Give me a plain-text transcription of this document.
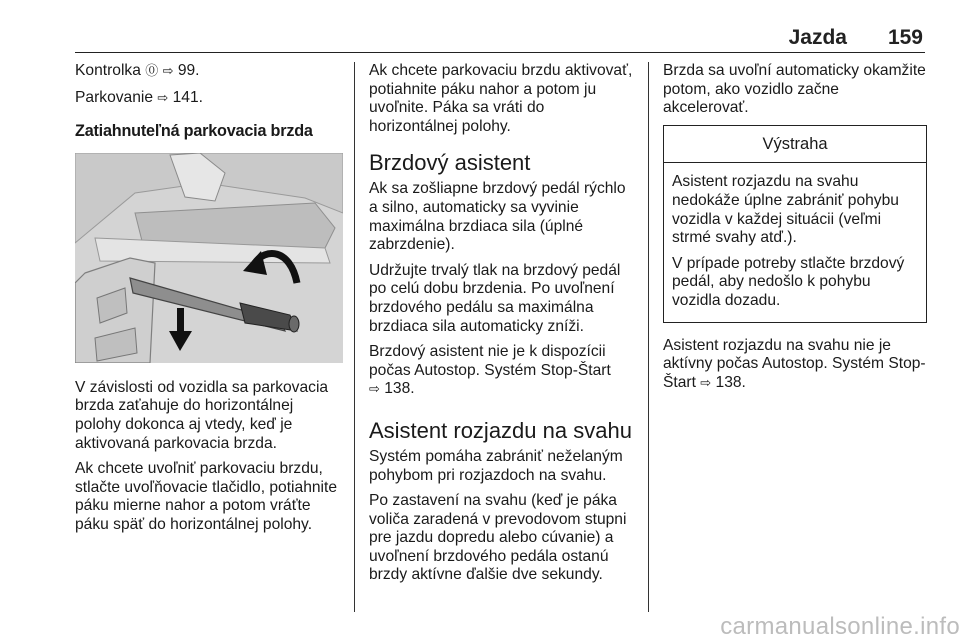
Jazda 159

Kontrolka ⓪ ⇨ 99.

Parkovanie ⇨ 141.

Zatiahnuteľná parkovacia brzda

V závislosti od vozidla sa parkovacia brzda zaťahuje do horizontálnej polohy dokonca aj vtedy, keď je aktivovaná parkovacia brzda.

Ak chcete uvoľniť parkovaciu brzdu, stlačte uvoľňovacie tlačidlo, potiahnite páku mierne nahor a potom vráťte páku späť do horizontálnej polohy.

Ak chcete parkovaciu brzdu aktivovať, potiahnite páku nahor a potom ju uvoľnite. Páka sa vráti do horizontálnej polohy.

Brzdový asistent

Ak sa zošliapne brzdový pedál rýchlo a silno, automaticky sa vyvinie maximálna brzdiaca sila (úplné zabrzdenie).

Udržujte trvalý tlak na brzdový pedál po celú dobu brzdenia. Po uvoľnení brzdového pedálu sa maximálna brzdiaca sila automaticky zníži.

Brzdový asistent nie je k dispozícii počas Autostop. Systém Stop-Štart
⇨ 138.

Asistent rozjazdu na svahu

Systém pomáha zabrániť neželaným pohybom pri rozjazdoch na svahu.

Po zastavení na svahu (keď je páka voliča zaradená v prevodovom stupni pre jazdu dopredu alebo cúvanie) a uvoľnení brzdového pedála ostanú brzdy aktívne ďalšie dve sekundy.

Brzda sa uvoľní automaticky okamžite potom, ako vozidlo začne akcelerovať.

Výstraha

Asistent rozjazdu na svahu nedokáže úplne zabrániť pohybu vozidla v každej situácii (veľmi strmé svahy atď.).

V prípade potreby stlačte brzdový pedál, aby nedošlo k pohybu vozidla dozadu.

Asistent rozjazdu na svahu nie je aktívny počas Autostop. Systém Stop-Štart ⇨ 138.

carmanualsonline.info
